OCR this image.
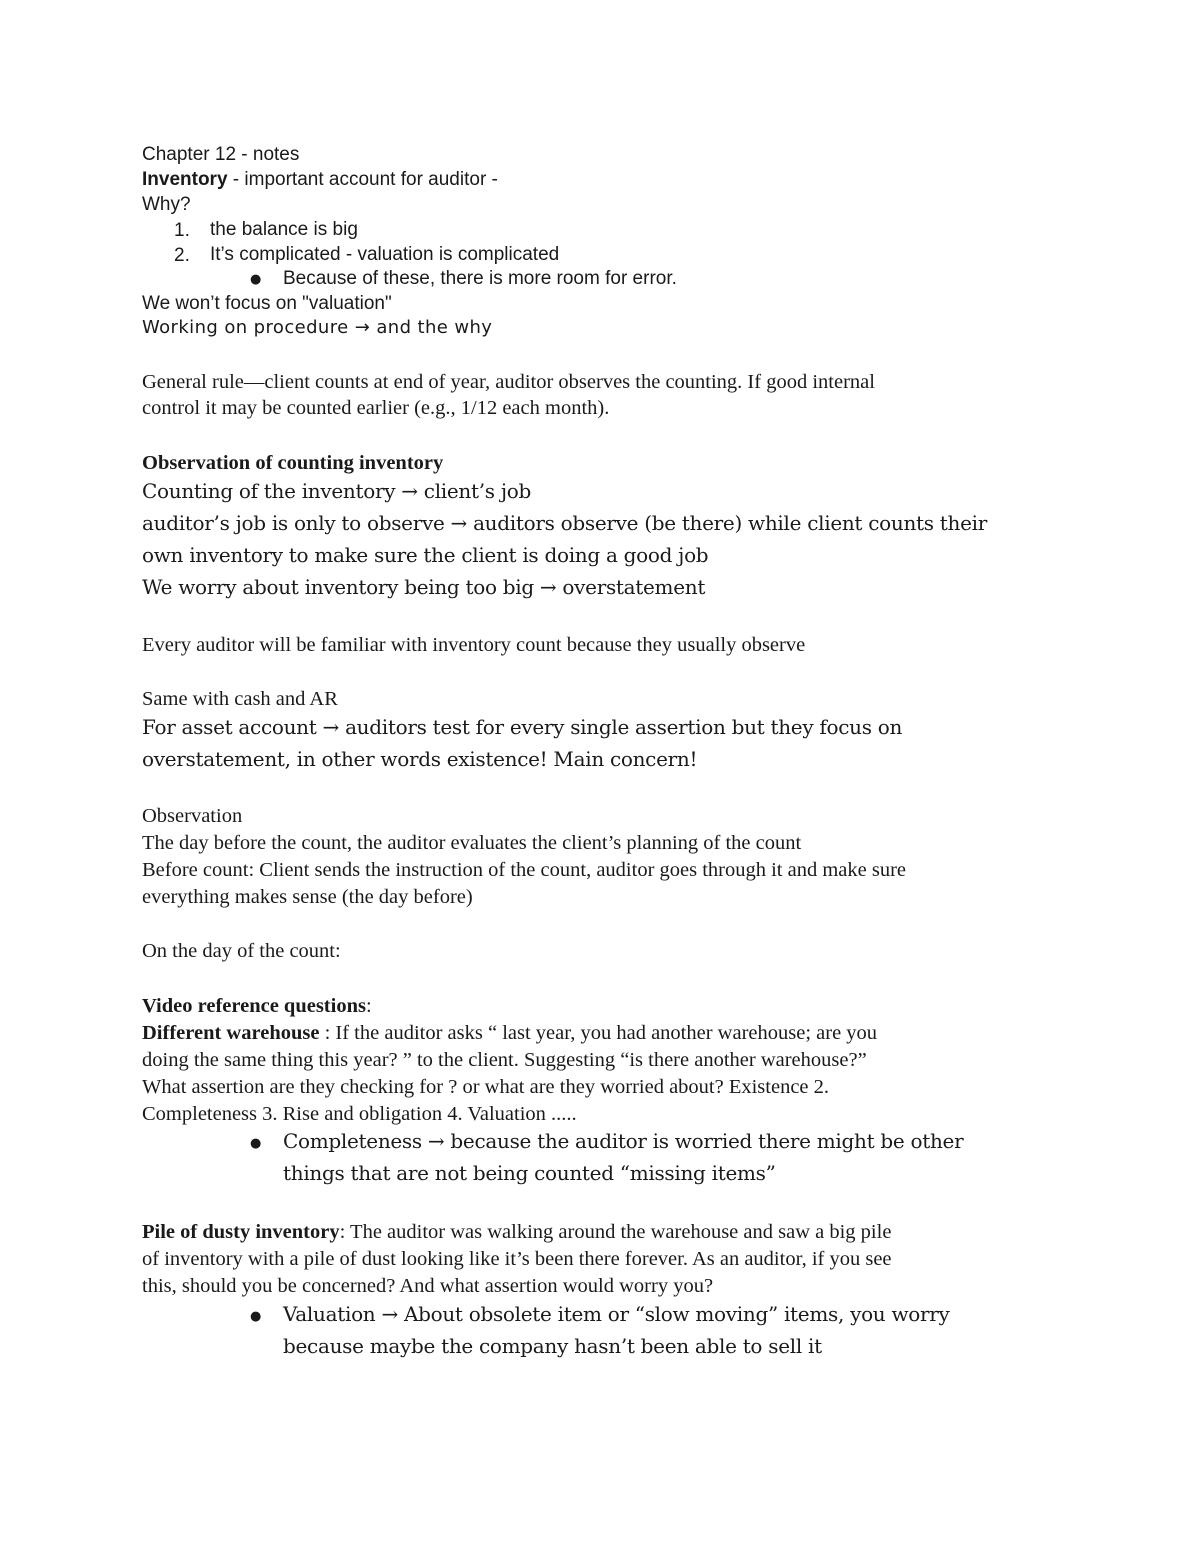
Chapter 12 - notes
Inventory - important account for auditor -
Why?
1. the balance is big
2. It’s complicated - valuation is complicated
● Because of these, there is more room for error.
We won’t focus on "valuation"
Working on procedure → and the why
General rule—client counts at end of year, auditor observes the counting. If good internal
control it may be counted earlier (e.g., 1/12 each month).
Observation of counting inventory
Counting of the inventory → client’s job
auditor’s job is only to observe → auditors observe (be there) while client counts their
own inventory to make sure the client is doing a good job
We worry about inventory being too big → overstatement
Every auditor will be familiar with inventory count because they usually observe
Same with cash and AR
For asset account → auditors test for every single assertion but they focus on
overstatement, in other words existence! Main concern!
Observation
The day before the count, the auditor evaluates the client’s planning of the count
Before count: Client sends the instruction of the count, auditor goes through it and make sure
everything makes sense (the day before)
On the day of the count:
Video reference questions:
Different warehouse : If the auditor asks “ last year, you had another warehouse; are you
doing the same thing this year? ” to the client. Suggesting “is there another warehouse?”
What assertion are they checking for ? or what are they worried about? Existence 2.
Completeness 3. Rise and obligation 4. Valuation .....
● Completeness → because the auditor is worried there might be other
things that are not being counted “missing items”
Pile of dusty inventory: The auditor was walking around the warehouse and saw a big pile
of inventory with a pile of dust looking like it’s been there forever. As an auditor, if you see
this, should you be concerned? And what assertion would worry you?
● Valuation → About obsolete item or “slow moving” items, you worry
because maybe the company hasn’t been able to sell it
